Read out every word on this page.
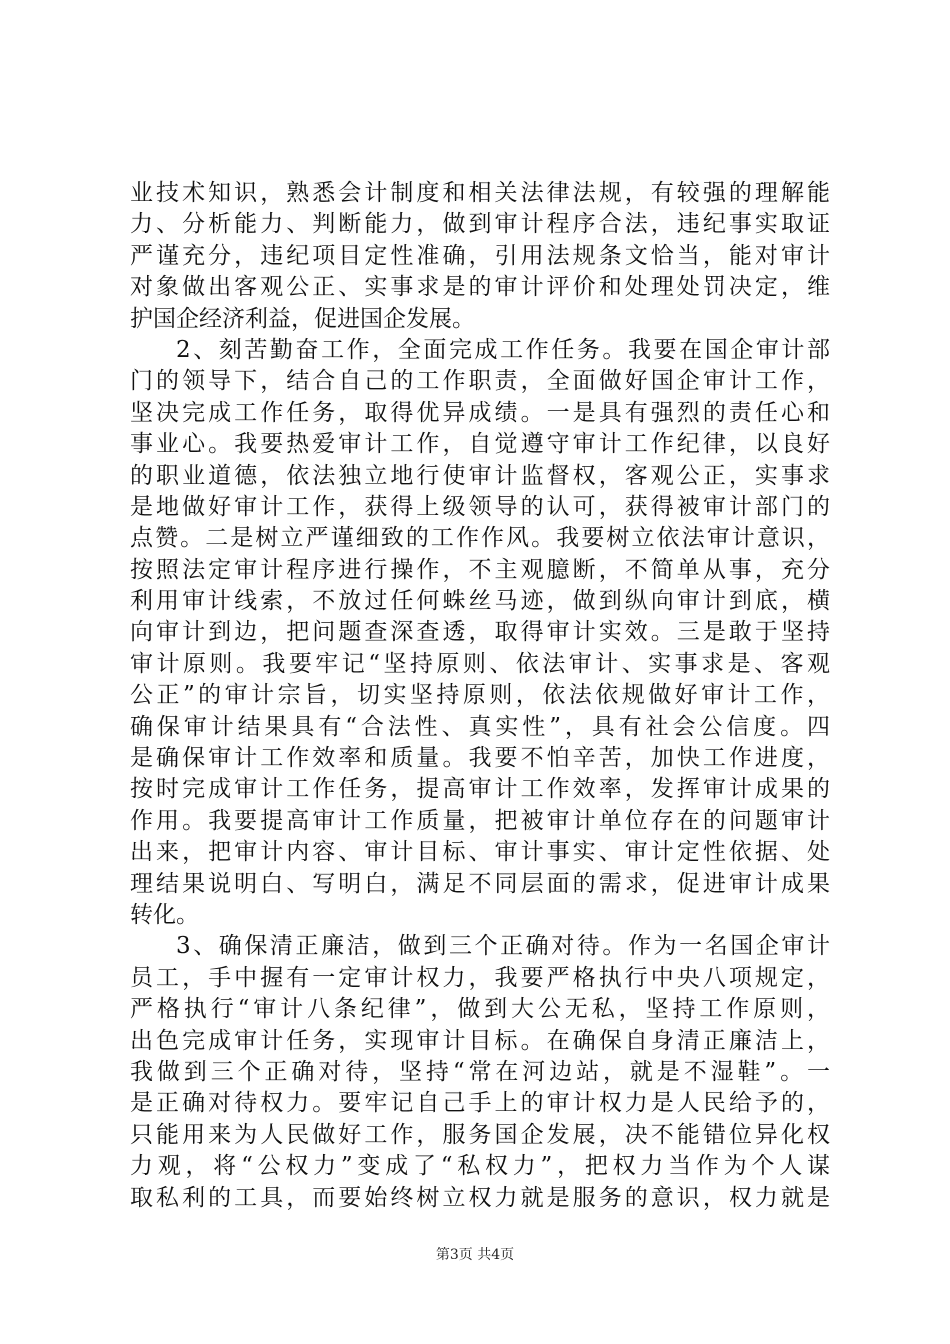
业技术知识，熟悉会计制度和相关法律法规，有较强的理解能
力、分析能力、判断能力，做到审计程序合法，违纪事实取证
严谨充分，违纪项目定性准确，引用法规条文恰当，能对审计
对象做出客观公正、实事求是的审计评价和处理处罚决定，维
护国企经济利益，促进国企发展。
2、刻苦勤奋工作，全面完成工作任务。我要在国企审计部
门的领导下，结合自己的工作职责，全面做好国企审计工作，
坚决完成工作任务，取得优异成绩。一是具有强烈的责任心和
事业心。我要热爱审计工作，自觉遵守审计工作纪律，以良好
的职业道德，依法独立地行使审计监督权，客观公正，实事求
是地做好审计工作，获得上级领导的认可，获得被审计部门的
点赞。二是树立严谨细致的工作作风。我要树立依法审计意识，
按照法定审计程序进行操作，不主观臆断，不简单从事，充分
利用审计线索，不放过任何蛛丝马迹，做到纵向审计到底，横
向审计到边，把问题查深查透，取得审计实效。三是敢于坚持
审计原则。我要牢记“坚持原则、依法审计、实事求是、客观
公正”的审计宗旨，切实坚持原则，依法依规做好审计工作，
确保审计结果具有“合法性、真实性”，具有社会公信度。四
是确保审计工作效率和质量。我要不怕辛苦，加快工作进度，
按时完成审计工作任务，提高审计工作效率，发挥审计成果的
作用。我要提高审计工作质量，把被审计单位存在的问题审计
出来，把审计内容、审计目标、审计事实、审计定性依据、处
理结果说明白、写明白，满足不同层面的需求，促进审计成果
转化。
3、确保清正廉洁，做到三个正确对待。作为一名国企审计
员工，手中握有一定审计权力，我要严格执行中央八项规定，
严格执行“审计八条纪律”，做到大公无私，坚持工作原则，
出色完成审计任务，实现审计目标。在确保自身清正廉洁上，
我做到三个正确对待，坚持“常在河边站，就是不湿鞋”。一
是正确对待权力。要牢记自己手上的审计权力是人民给予的，
只能用来为人民做好工作，服务国企发展，决不能错位异化权
力观，将“公权力”变成了“私权力”，把权力当作为个人谋
取私利的工具，而要始终树立权力就是服务的意识，权力就是
第3页 共4页
